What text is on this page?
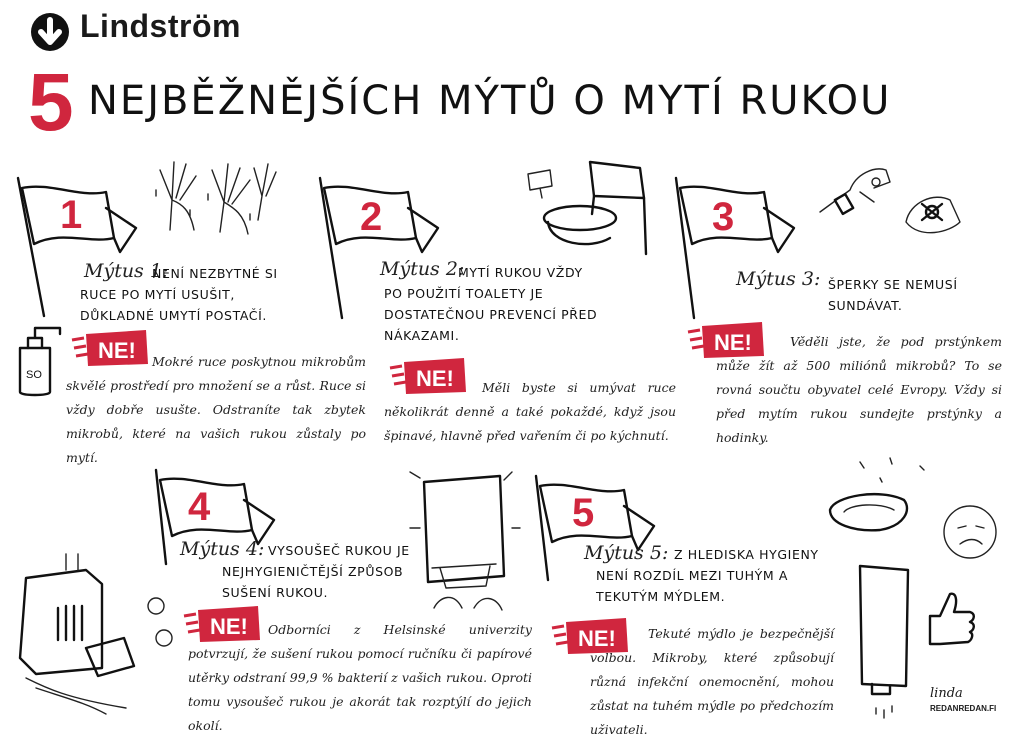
Lindström
5 NEJBĚŽNĚJŠÍCH MÝTŮ O MYTÍ RUKOU
1
Mýtus 1:
NENÍ NEZBYTNÉ SI RUCE PO MYTÍ USUŠIT, DŮKLADNÉ UMYTÍ POSTAČÍ.
SO
NE!	Mokré ruce poskytnou mikrobům skvělé prostředí pro množení se a růst. Ruce si vždy dobře usušte. Odstraníte tak zbytek mikrobů, které na vašich rukou zůstaly po mytí.
2
Mýtus 2:
MYTÍ RUKOU VŽDY PO POUŽITÍ TOALETY JE DOSTATEČNOU PREVENCÍ PŘED NÁKAZAMI.
NE!	Měli byste si umývat ruce několikrát denně a také pokaždé, když jsou špinavé, hlavně před vařením či po kýchnutí.
3
Mýtus 3: ŠPERKY SE NEMUSÍ SUNDÁVAT.
NE!	Věděli jste, že pod prstýnkem může žít až 500 miliónů mikrobů? To se rovná součtu obyvatel celé Evropy. Vždy si před mytím rukou sundejte prstýnky a hodinky.
4
Mýtus 4: VYSOUŠEČ RUKOU JE NEJHYGIENIČTĚJŠÍ ZPŮSOB SUŠENÍ RUKOU.
NE!	Odborníci z Helsinské univerzity potvrzují, že sušení rukou pomocí ručníku či papírové utěrky odstraní 99,9 % bakterií z vašich rukou. Oproti tomu vysoušeč rukou je akorát tak rozptýlí do jejich okolí.
5
Mýtus 5: Z HLEDISKA HYGIENY NENÍ ROZDÍL MEZI TUHÝM A TEKUTÝM MÝDLEM.
NE!	Tekuté mýdlo je bezpečnější volbou. Mikroby, které způsobují různá infekční onemocnění, mohou zůstat na tuhém mýdle po předchozím uživateli.
linda
REDANREDAN.FI
